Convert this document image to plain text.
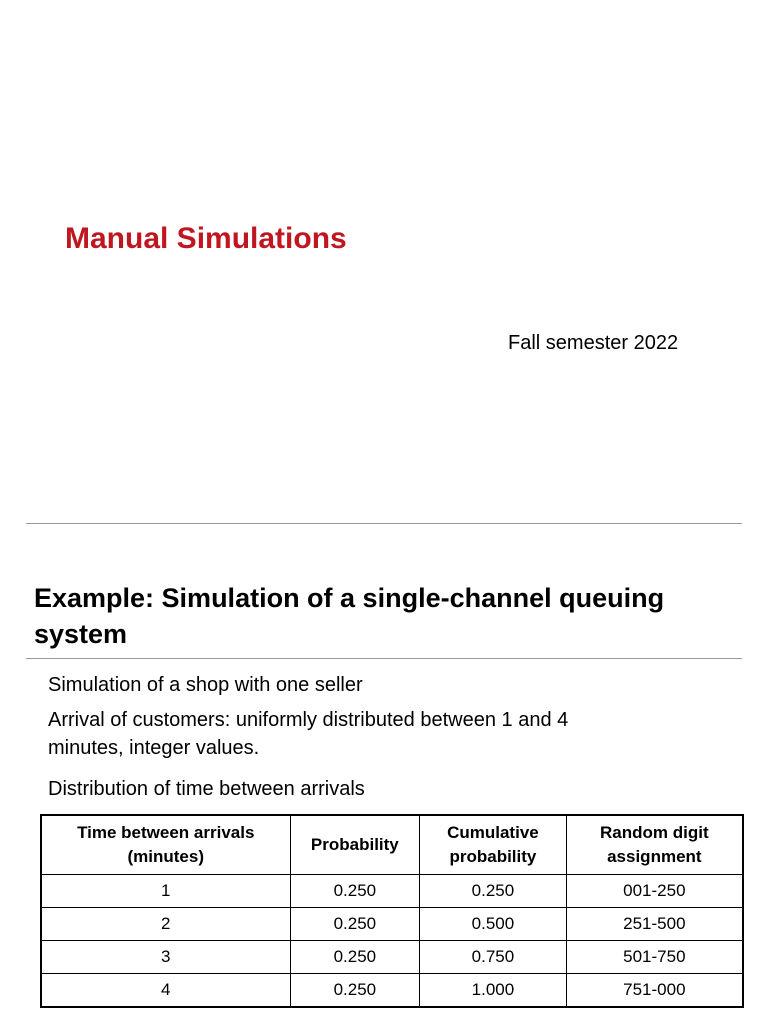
Manual Simulations
Fall semester 2022
Example: Simulation of a single-channel queuing system
Simulation of a shop with one seller
Arrival of customers: uniformly distributed between 1 and 4
minutes, integer values.
Distribution of time between arrivals
Time between arrivals (minutes)	Probability	Cumulative probability	Random digit assignment
1	0.250	0.250	001-250
2	0.250	0.500	251-500
3	0.250	0.750	501-750
4	0.250	1.000	751-000
